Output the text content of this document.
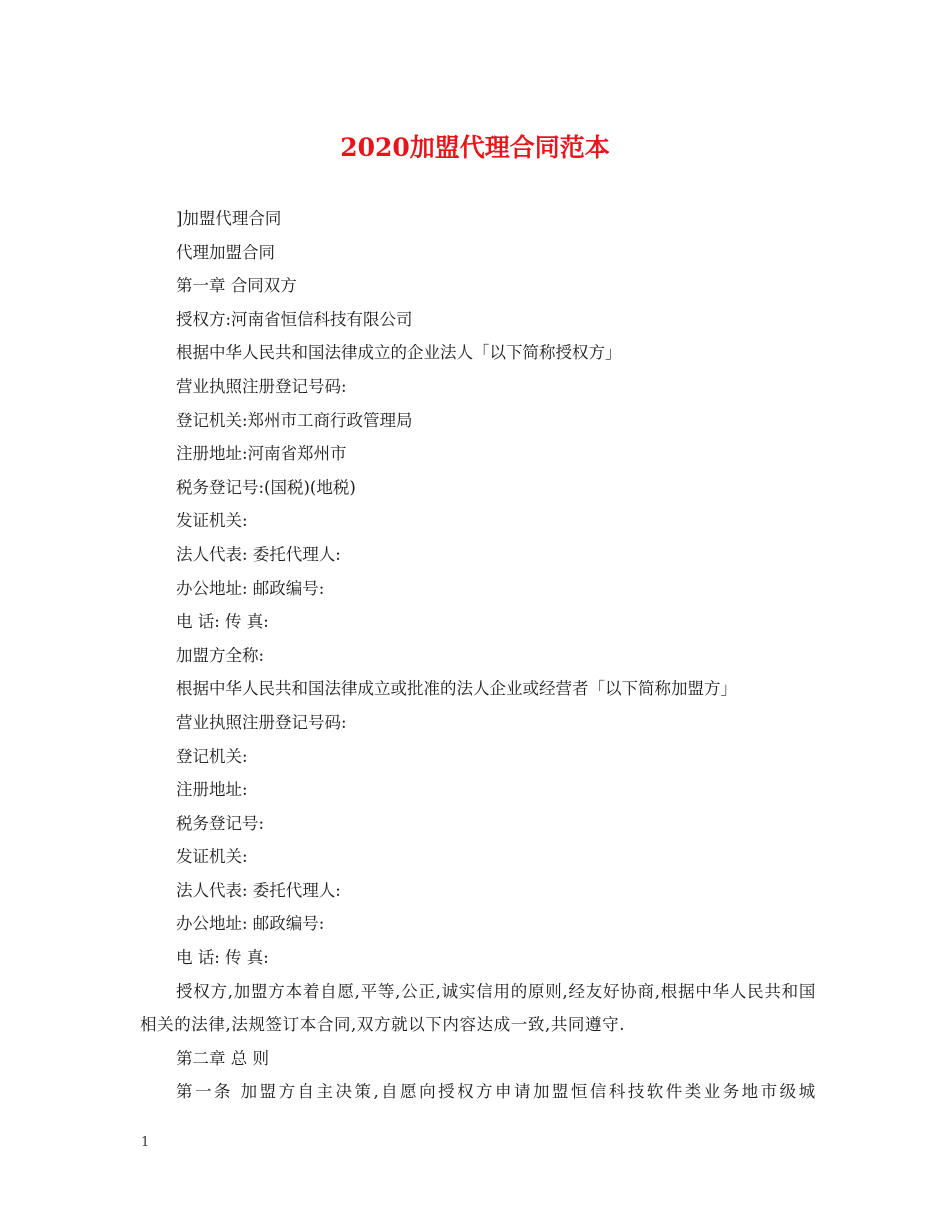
2020加盟代理合同范本

]加盟代理合同

代理加盟合同

第一章 合同双方

授权方:河南省恒信科技有限公司

根据中华人民共和国法律成立的企业法人「以下简称授权方」

营业执照注册登记号码:

登记机关:郑州市工商行政管理局

注册地址:河南省郑州市

税务登记号:(国税)(地税)

发证机关:

法人代表: 委托代理人:

办公地址: 邮政编号:

电 话: 传 真:

加盟方全称:

根据中华人民共和国法律成立或批准的法人企业或经营者「以下简称加盟方」

营业执照注册登记号码:

登记机关:

注册地址:

税务登记号:

发证机关:

法人代表: 委托代理人:

办公地址: 邮政编号:

电 话: 传 真:

授权方,加盟方本着自愿,平等,公正,诚实信用的原则,经友好协商,根据中华人民共和国相关的法律,法规签订本合同,双方就以下内容达成一致,共同遵守.

第二章 总 则

第一条 加盟方自主决策,自愿向授权方申请加盟恒信科技软件类业务地市级城

1
